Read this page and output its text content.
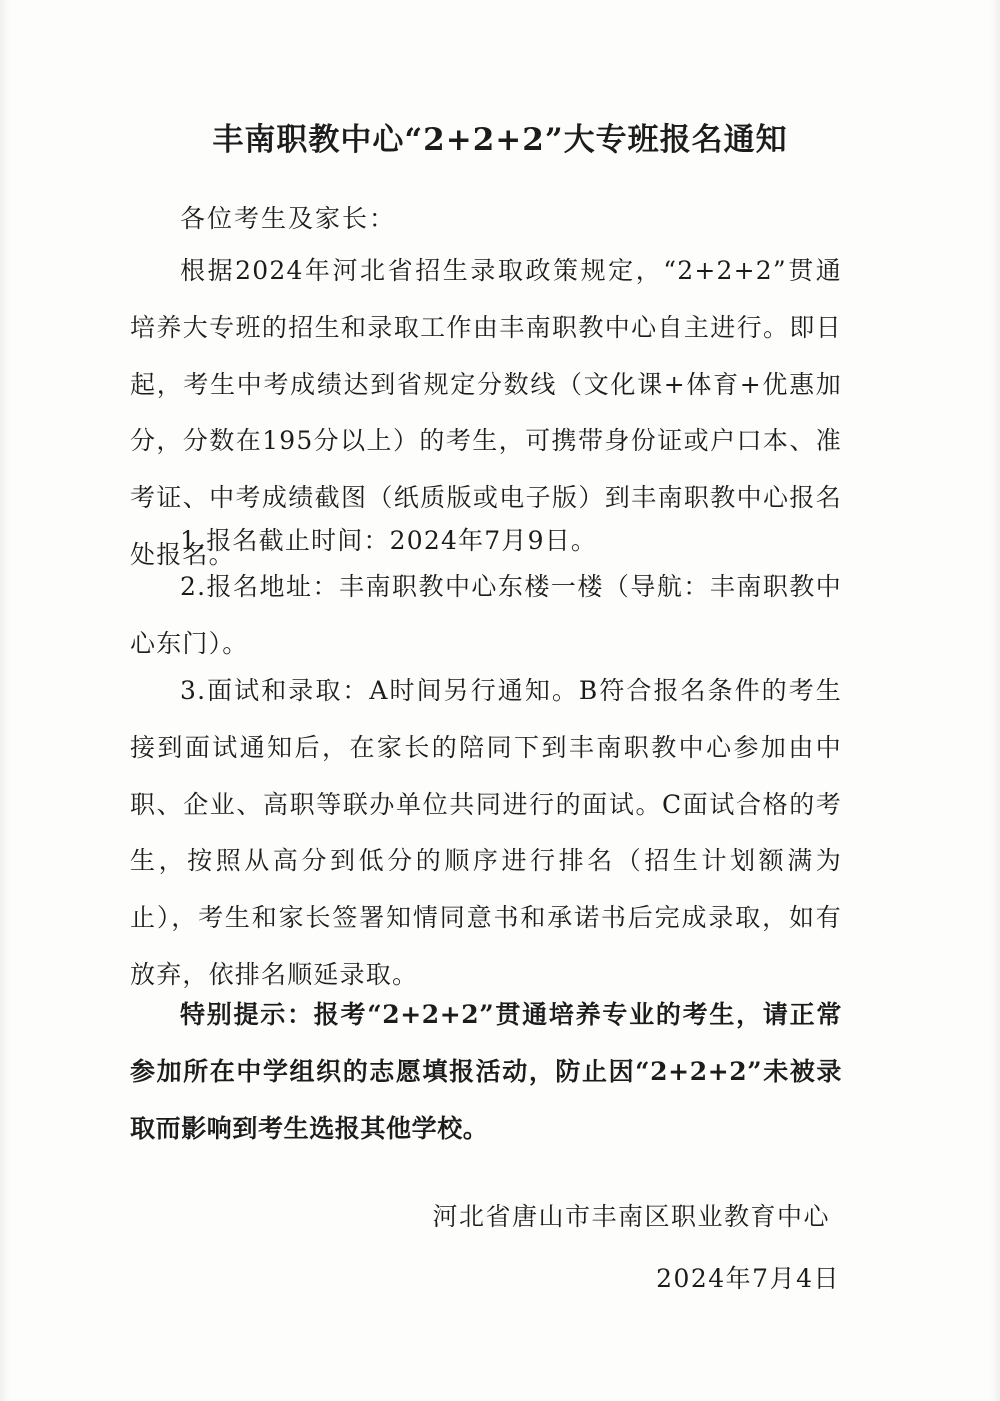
丰南职教中心“2+2+2”大专班报名通知
各位考生及家长：

根据2024年河北省招生录取政策规定，“2+2+2”贯通培养大专班的招生和录取工作由丰南职教中心自主进行。即日起，考生中考成绩达到省规定分数线（文化课+体育+优惠加分，分数在195分以上）的考生，可携带身份证或户口本、准考证、中考成绩截图（纸质版或电子版）到丰南职教中心报名处报名。

1.报名截止时间：2024年7月9日。

2.报名地址：丰南职教中心东楼一楼（导航：丰南职教中心东门）。

3.面试和录取：A时间另行通知。B符合报名条件的考生接到面试通知后，在家长的陪同下到丰南职教中心参加由中职、企业、高职等联办单位共同进行的面试。C面试合格的考生，按照从高分到低分的顺序进行排名（招生计划额满为止），考生和家长签署知情同意书和承诺书后完成录取，如有放弃，依排名顺延录取。

特别提示：报考“2+2+2”贯通培养专业的考生，请正常参加所在中学组织的志愿填报活动，防止因“2+2+2”未被录取而影响到考生选报其他学校。

河北省唐山市丰南区职业教育中心
2024年7月4日
